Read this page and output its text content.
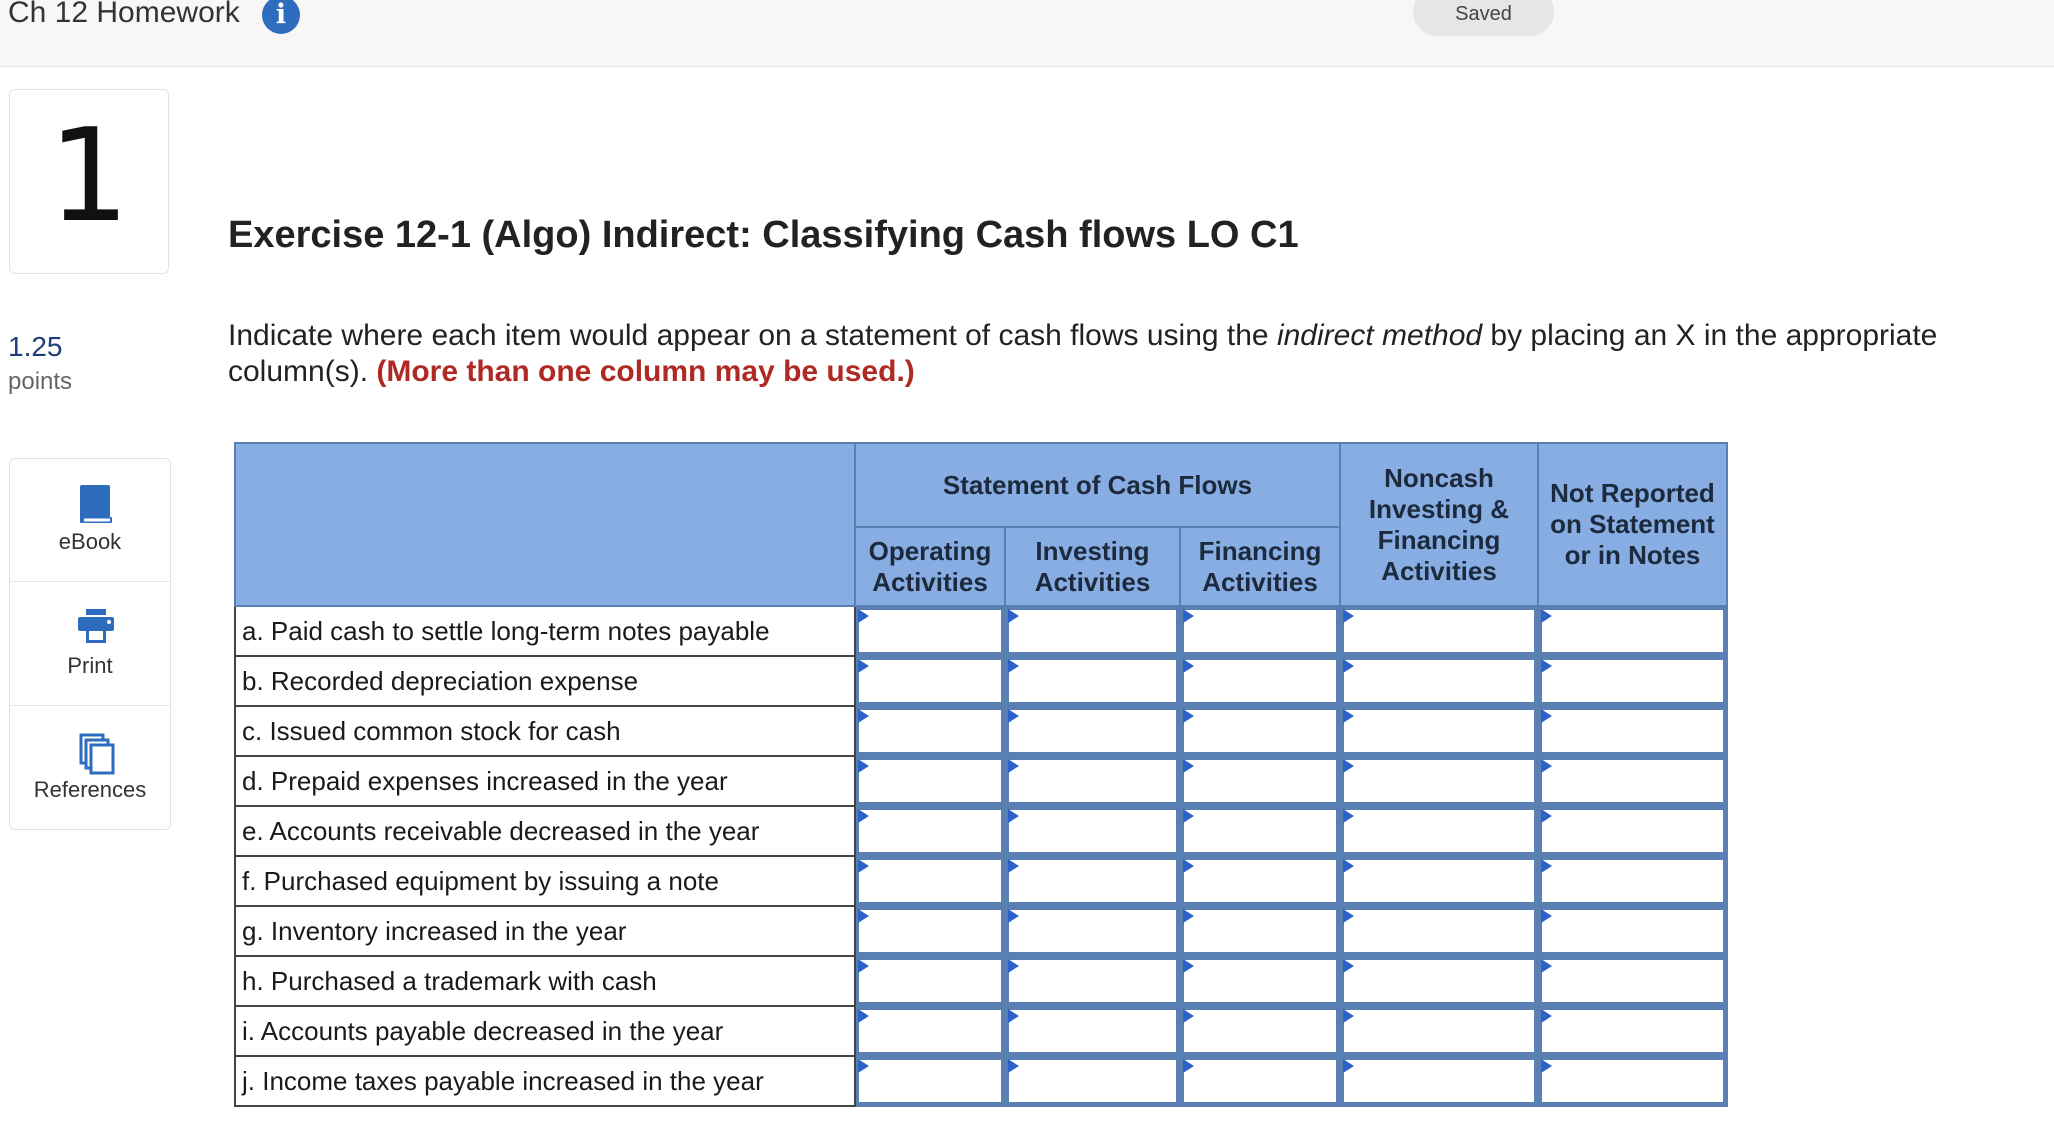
Ch 12 Homework	i	Saved
1
1.25
points
eBook
Print
References
Exercise 12-1 (Algo) Indirect: Classifying Cash flows LO C1
Indicate where each item would appear on a statement of cash flows using the indirect method by placing an X in the appropriate column(s). (More than one column may be used.)
	Statement of Cash Flows			Noncash Investing & Financing Activities	Not Reported on Statement or in Notes
	Operating Activities	Investing Activities	Financing Activities		
a. Paid cash to settle long-term notes payable	

b. Recorded depreciation expense	

c. Issued common stock for cash	

d. Prepaid expenses increased in the year	

e. Accounts receivable decreased in the year	

f. Purchased equipment by issuing a note	

g. Inventory increased in the year	

h. Purchased a trademark with cash	

i. Accounts payable decreased in the year	

j. Income taxes payable increased in the year	
